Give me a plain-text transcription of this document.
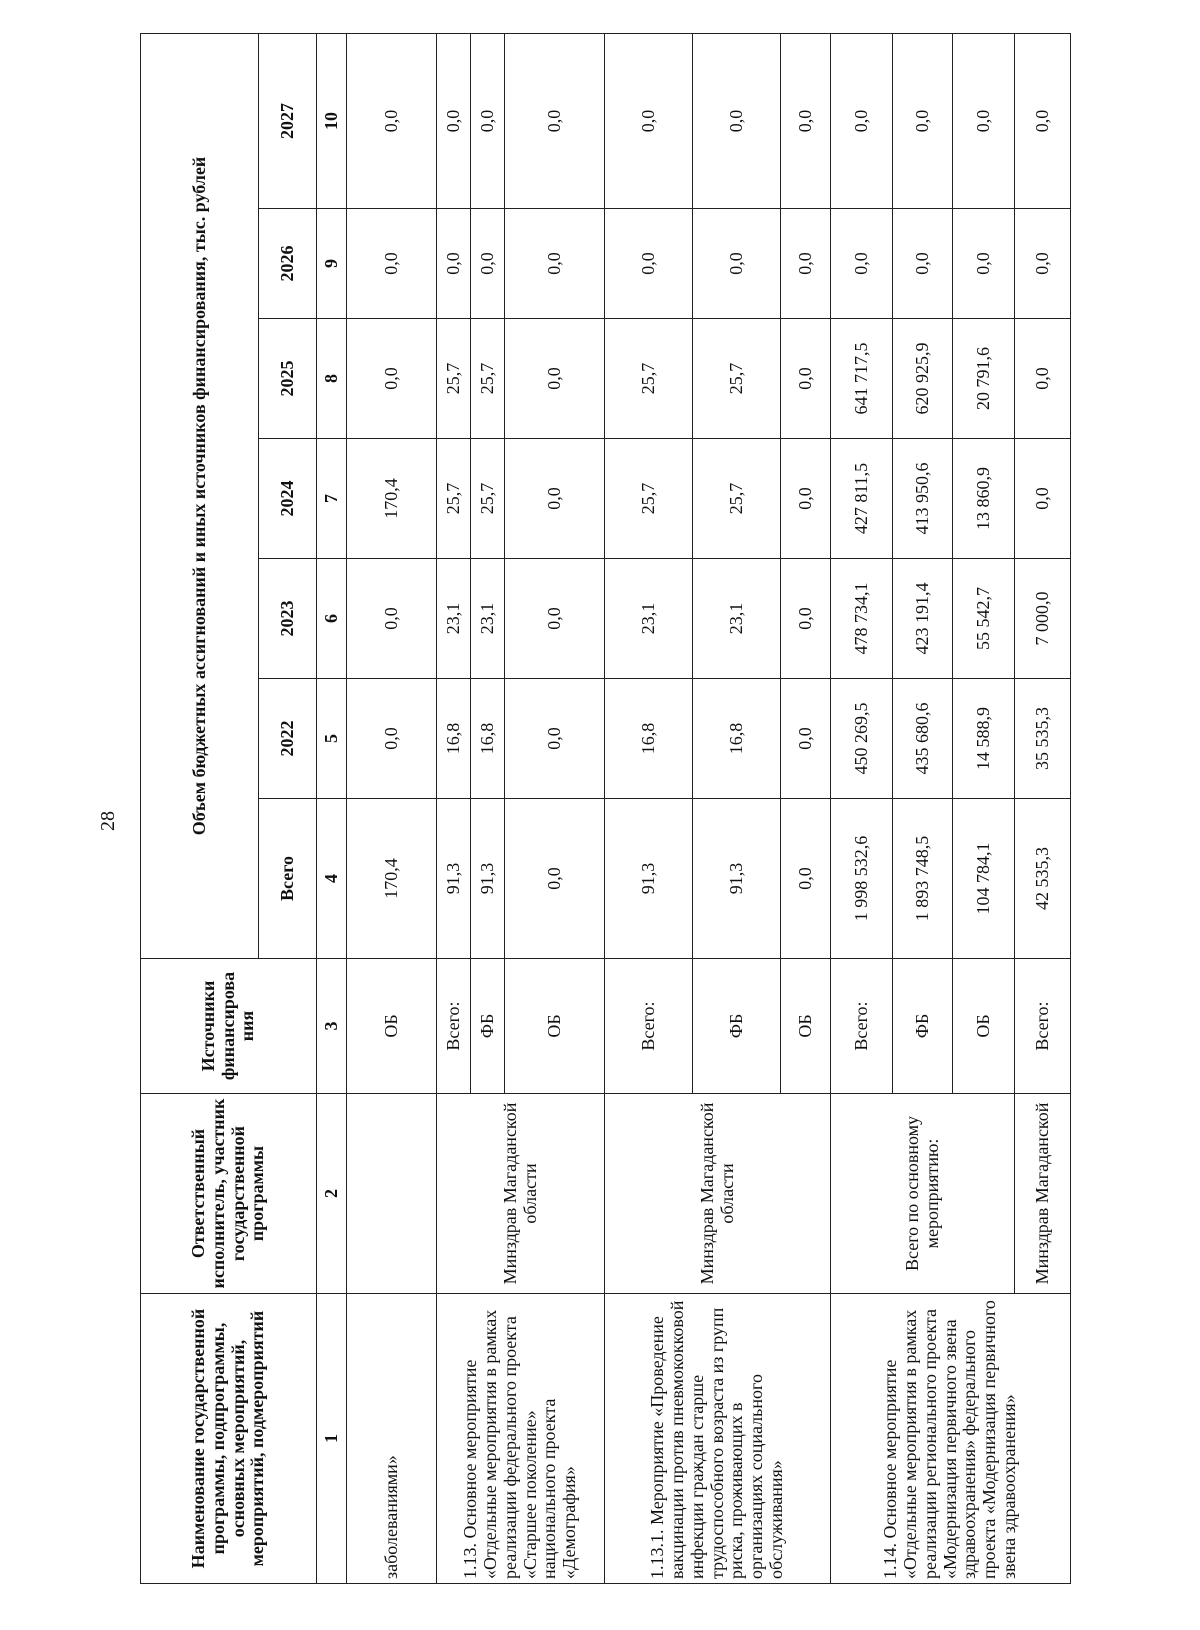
28
Наименование государственной программы, подпрограммы, основных мероприятий, мероприятий, подмероприятий	Ответственный исполнитель, участник государственной программы	Источники финансирова ния	Объем бюджетных ассигнований и иных источников финансирования, тыс. рублей						
			Всего	2022	2023	2024	2025	2026	2027
1	2	3	4	5	6	7	8	9	10
заболеваниями»		ОБ	170,4	0,0	0,0	170,4	0,0	0,0	0,0
1.13. Основное мероприятие «Отдельные мероприятия в рамках реализации федерального проекта «Старшее поколение» национального проекта «Демография»	Минздрав Магаданской области	Всего:	91,3	16,8	23,1	25,7	25,7	0,0	0,0
		ФБ	91,3	16,8	23,1	25,7	25,7	0,0	0,0
		ОБ	0,0	0,0	0,0	0,0	0,0	0,0	0,0
1.13.1. Мероприятие «Проведение вакцинации против пневмококковой инфекции граждан старше трудоспособного возраста из групп риска, проживающих в организациях социального обслуживания»	Минздрав Магаданской области	Всего:	91,3	16,8	23,1	25,7	25,7	0,0	0,0
		ФБ	91,3	16,8	23,1	25,7	25,7	0,0	0,0
		ОБ	0,0	0,0	0,0	0,0	0,0	0,0	0,0
1.14. Основное мероприятие «Отдельные мероприятия в рамках реализации регионального проекта «Модернизация первичного звена здравоохранения» федерального проекта «Модернизация первичного звена здравоохранения»	Всего по основному мероприятию:	Всего:	1 998 532,6	450 269,5	478 734,1	427 811,5	641 717,5	0,0	0,0
		ФБ	1 893 748,5	435 680,6	423 191,4	413 950,6	620 925,9	0,0	0,0
		ОБ	104 784,1	14 588,9	55 542,7	13 860,9	20 791,6	0,0	0,0
	Минздрав Магаданской	Всего:	42 535,3	35 535,3	7 000,0	0,0	0,0	0,0	0,0
